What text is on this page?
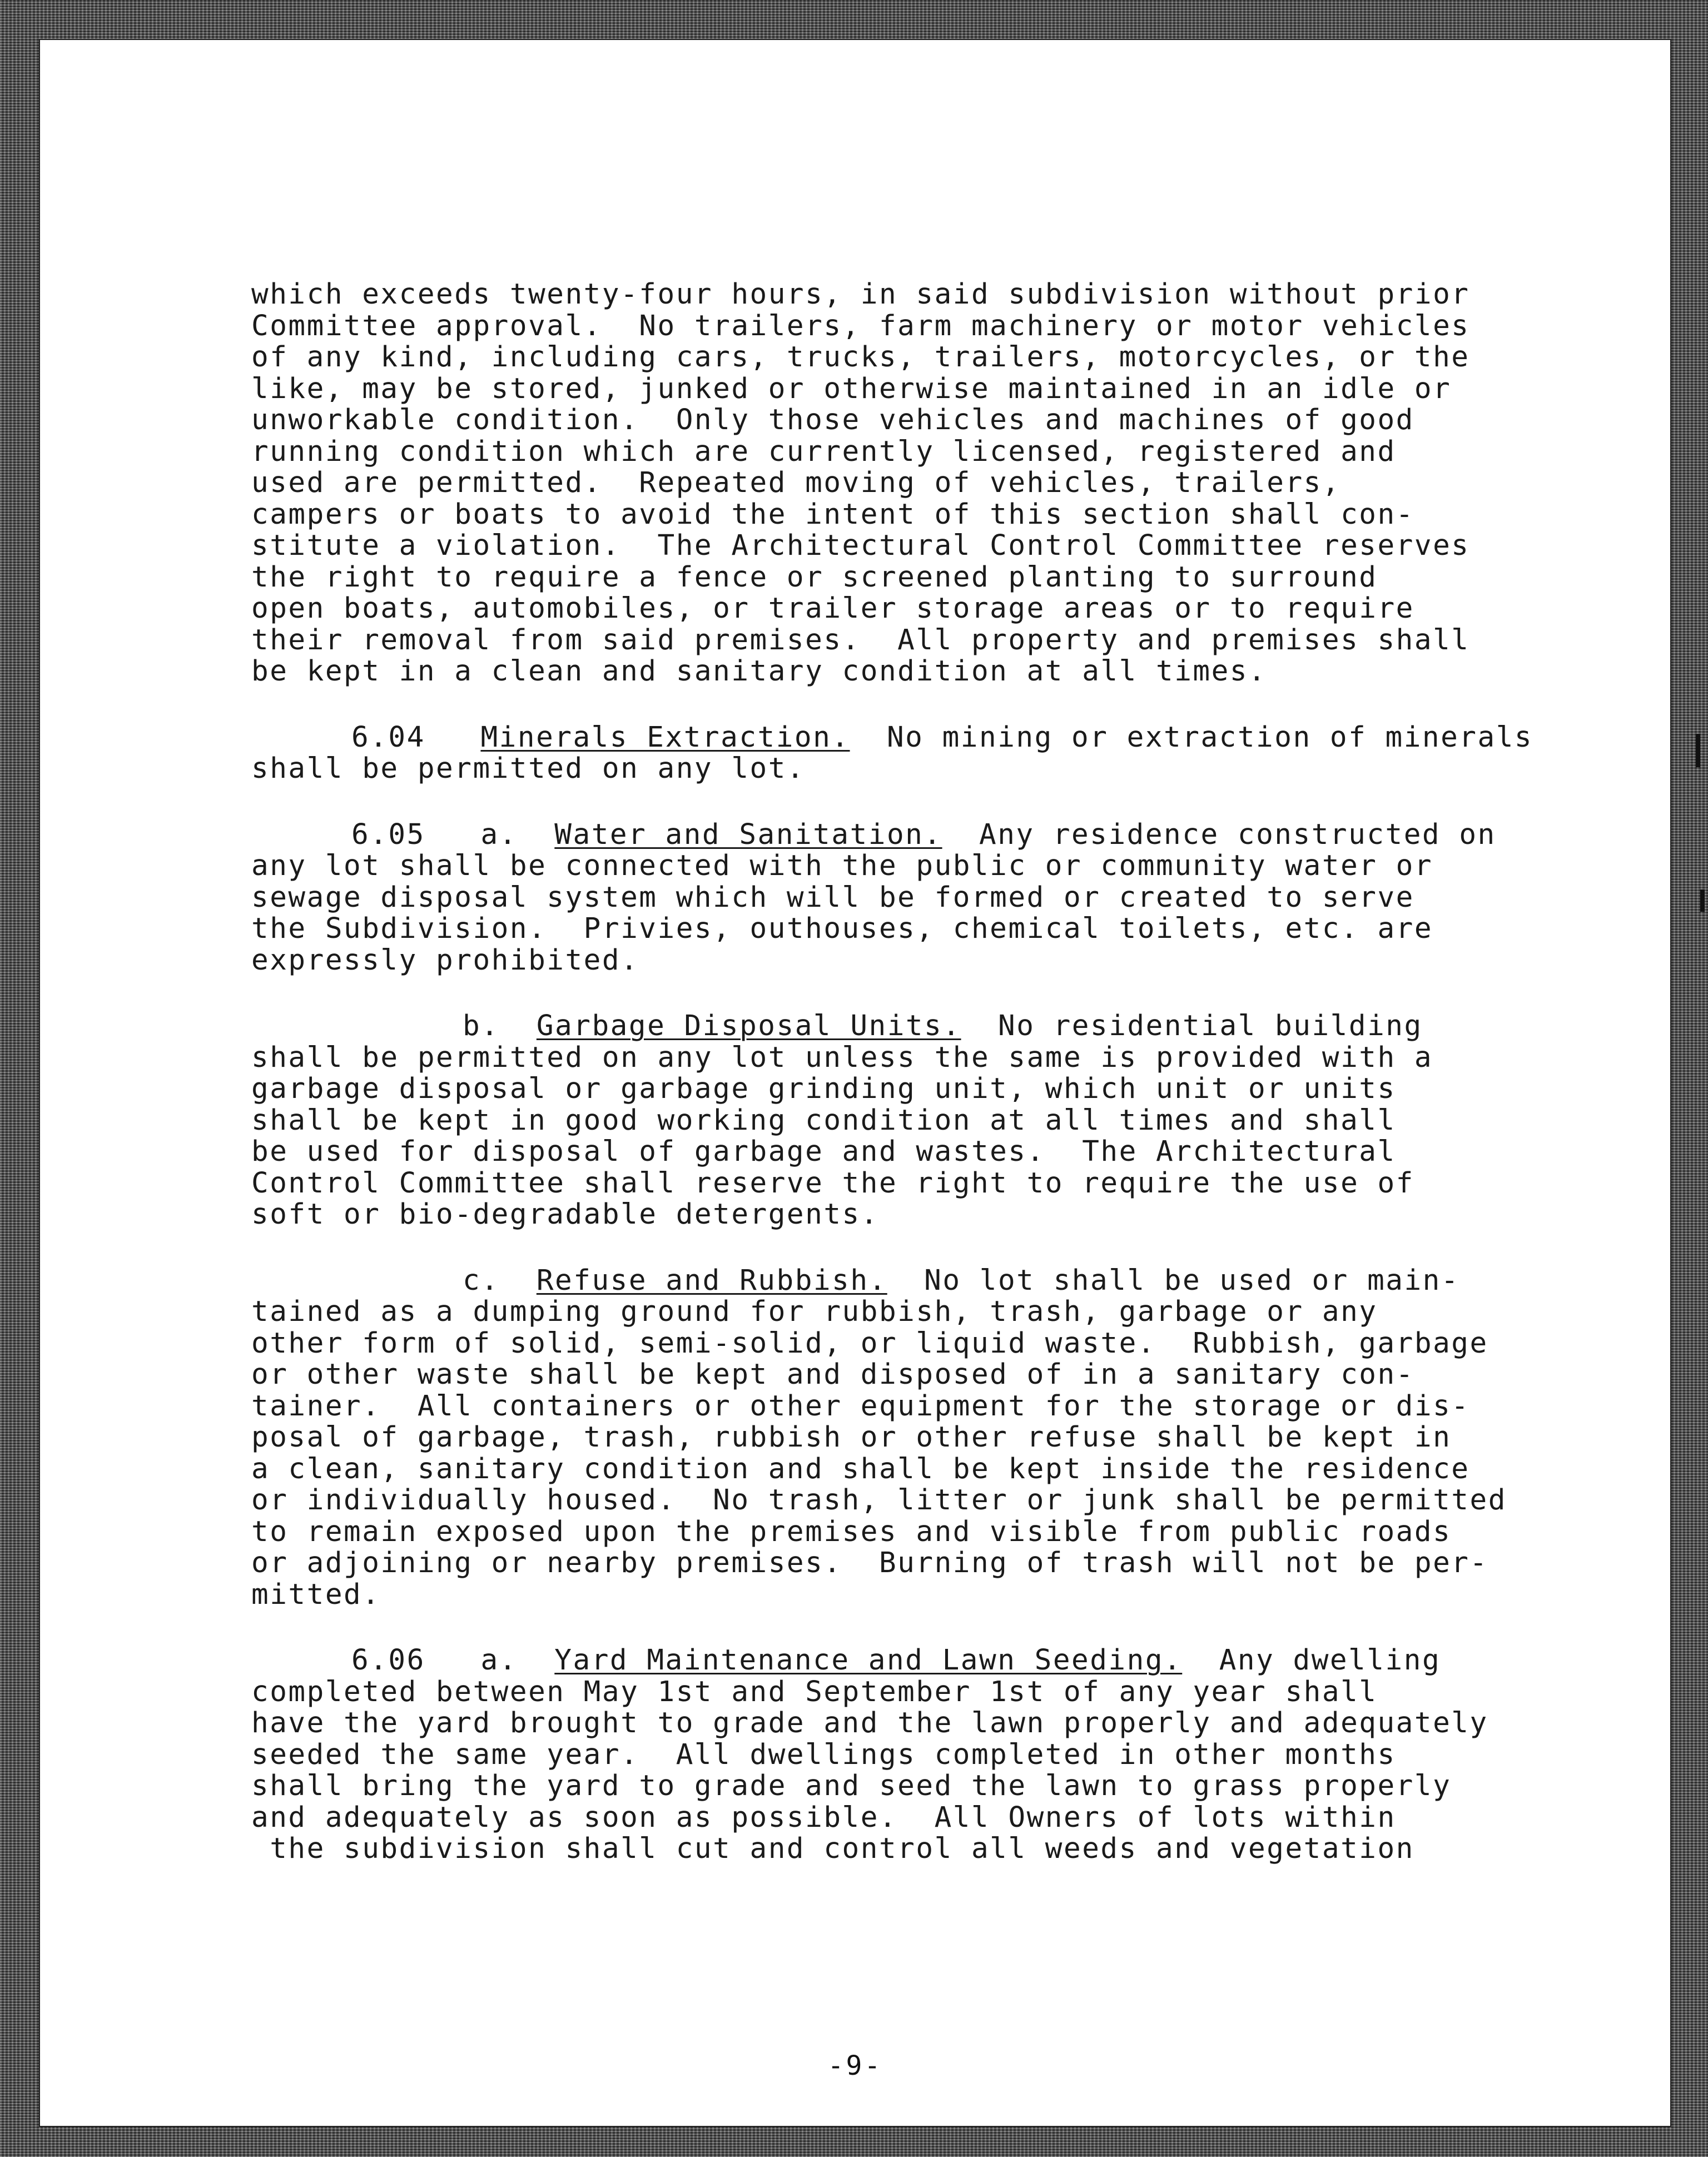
which exceeds twenty-four hours, in said subdivision without prior
Committee approval.  No trailers, farm machinery or motor vehicles
of any kind, including cars, trucks, trailers, motorcycles, or the
like, may be stored, junked or otherwise maintained in an idle or
unworkable condition.  Only those vehicles and machines of good
running condition which are currently licensed, registered and
used are permitted.  Repeated moving of vehicles, trailers,
campers or boats to avoid the intent of this section shall con-
stitute a violation.  The Architectural Control Committee reserves
the right to require a fence or screened planting to surround
open boats, automobiles, or trailer storage areas or to require
their removal from said premises.  All property and premises shall
be kept in a clean and sanitary condition at all times.
6.04 Minerals Extraction. No mining or extraction of minerals
shall be permitted on any lot.
6.05 a. Water and Sanitation. Any residence constructed on
any lot shall be connected with the public or community water or
sewage disposal system which will be formed or created to serve
the Subdivision.  Privies, outhouses, chemical toilets, etc. are
expressly prohibited.
b. Garbage Disposal Units. No residential building
shall be permitted on any lot unless the same is provided with a
garbage disposal or garbage grinding unit, which unit or units
shall be kept in good working condition at all times and shall
be used for disposal of garbage and wastes.  The Architectural
Control Committee shall reserve the right to require the use of
soft or bio-degradable detergents.
c. Refuse and Rubbish. No lot shall be used or main-
tained as a dumping ground for rubbish, trash, garbage or any
other form of solid, semi-solid, or liquid waste.  Rubbish, garbage
or other waste shall be kept and disposed of in a sanitary con-
tainer.  All containers or other equipment for the storage or dis-
posal of garbage, trash, rubbish or other refuse shall be kept in
a clean, sanitary condition and shall be kept inside the residence
or individually housed.  No trash, litter or junk shall be permitted
to remain exposed upon the premises and visible from public roads
or adjoining or nearby premises.  Burning of trash will not be per-
mitted.
6.06 a. Yard Maintenance and Lawn Seeding. Any dwelling
completed between May 1st and September 1st of any year shall
have the yard brought to grade and the lawn properly and adequately
seeded the same year.  All dwellings completed in other months
shall bring the yard to grade and seed the lawn to grass properly
and adequately as soon as possible.  All Owners of lots within
the subdivision shall cut and control all weeds and vegetation
-9-
